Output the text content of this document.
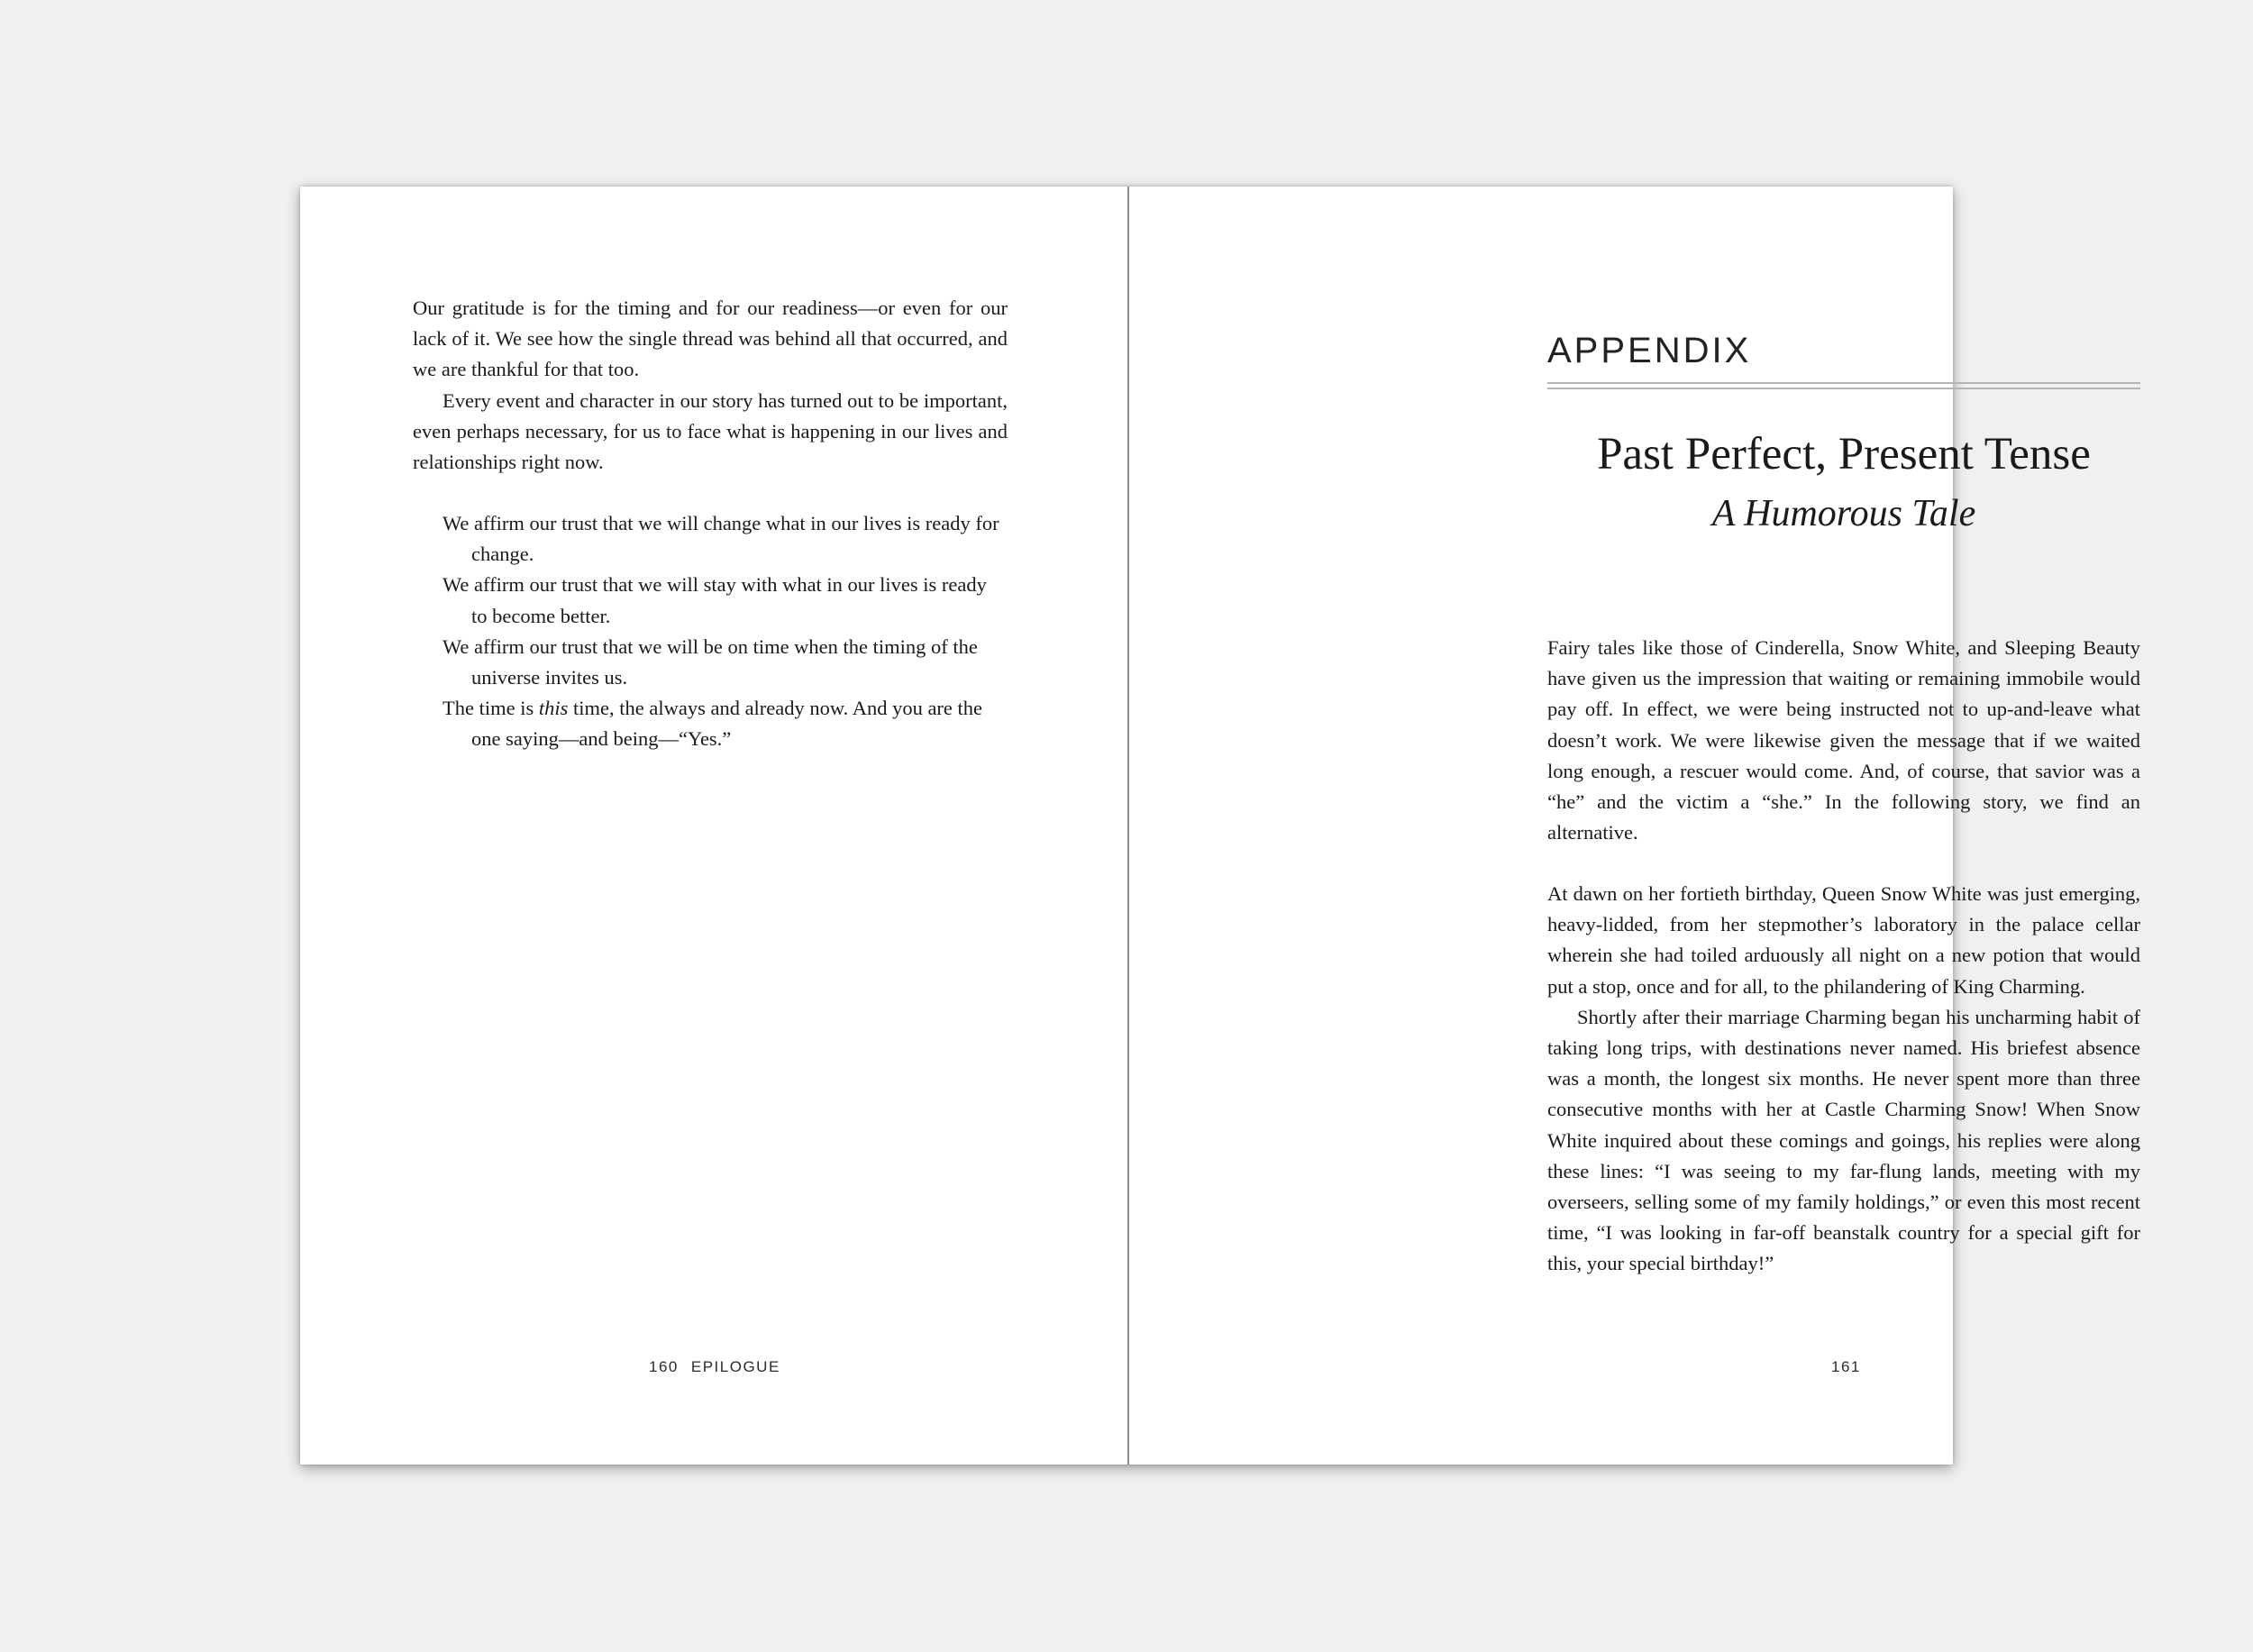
Our gratitude is for the timing and for our readiness—or even for our lack of it. We see how the single thread was behind all that occurred, and we are thankful for that too.

Every event and character in our story has turned out to be important, even perhaps necessary, for us to face what is happening in our lives and relationships right now.

We affirm our trust that we will change what in our lives is ready for change.

We affirm our trust that we will stay with what in our lives is ready to become better.

We affirm our trust that we will be on time when the timing of the universe invites us.

The time is this time, the always and already now. And you are the one saying—and being—“Yes.”

160 EPILOGUE
APPENDIX
Past Perfect, Present Tense
A Humorous Tale

Fairy tales like those of Cinderella, Snow White, and Sleeping Beauty have given us the impression that waiting or remaining immobile would pay off. In effect, we were being instructed not to up-and-leave what doesn’t work. We were likewise given the message that if we waited long enough, a rescuer would come. And, of course, that savior was a “he” and the victim a “she.” In the following story, we find an alternative.

At dawn on her fortieth birthday, Queen Snow White was just emerging, heavy-lidded, from her stepmother’s laboratory in the palace cellar wherein she had toiled arduously all night on a new potion that would put a stop, once and for all, to the philandering of King Charming.

Shortly after their marriage Charming began his uncharming habit of taking long trips, with destinations never named. His briefest absence was a month, the longest six months. He never spent more than three consecutive months with her at Castle Charming Snow! When Snow White inquired about these comings and goings, his replies were along these lines: “I was seeing to my far-flung lands, meeting with my overseers, selling some of my family holdings,” or even this most recent time, “I was looking in far-off beanstalk country for a special gift for this, your special birthday!”

161
